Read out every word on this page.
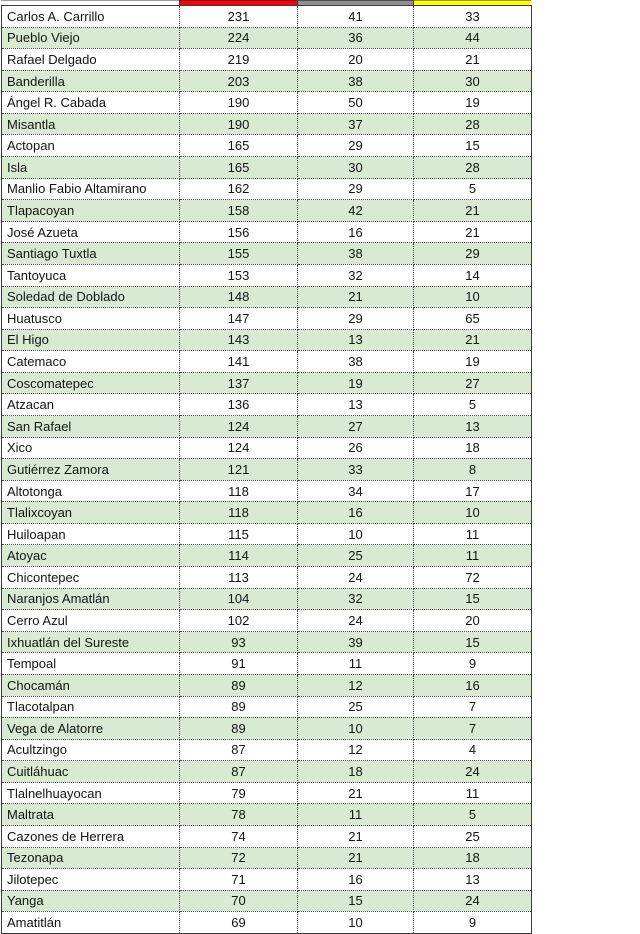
Carlos A. Carrillo	231	41	33
Pueblo Viejo	224	36	44
Rafael Delgado	219	20	21
Banderilla	203	38	30
Ángel R. Cabada	190	50	19
Misantla	190	37	28
Actopan	165	29	15
Isla	165	30	28
Manlio Fabio Altamirano	162	29	5
Tlapacoyan	158	42	21
José Azueta	156	16	21
Santiago Tuxtla	155	38	29
Tantoyuca	153	32	14
Soledad de Doblado	148	21	10
Huatusco	147	29	65
El Higo	143	13	21
Catemaco	141	38	19
Coscomatepec	137	19	27
Atzacan	136	13	5
San Rafael	124	27	13
Xico	124	26	18
Gutiérrez Zamora	121	33	8
Altotonga	118	34	17
Tlalixcoyan	118	16	10
Huiloapan	115	10	11
Atoyac	114	25	11
Chicontepec	113	24	72
Naranjos Amatlán	104	32	15
Cerro Azul	102	24	20
Ixhuatlán del Sureste	93	39	15
Tempoal	91	11	9
Chocamán	89	12	16
Tlacotalpan	89	25	7
Vega de Alatorre	89	10	7
Acultzingo	87	12	4
Cuitláhuac	87	18	24
Tlalnelhuayocan	79	21	11
Maltrata	78	11	5
Cazones de Herrera	74	21	25
Tezonapa	72	21	18
Jilotepec	71	16	13
Yanga	70	15	24
Amatitlán	69	10	9
